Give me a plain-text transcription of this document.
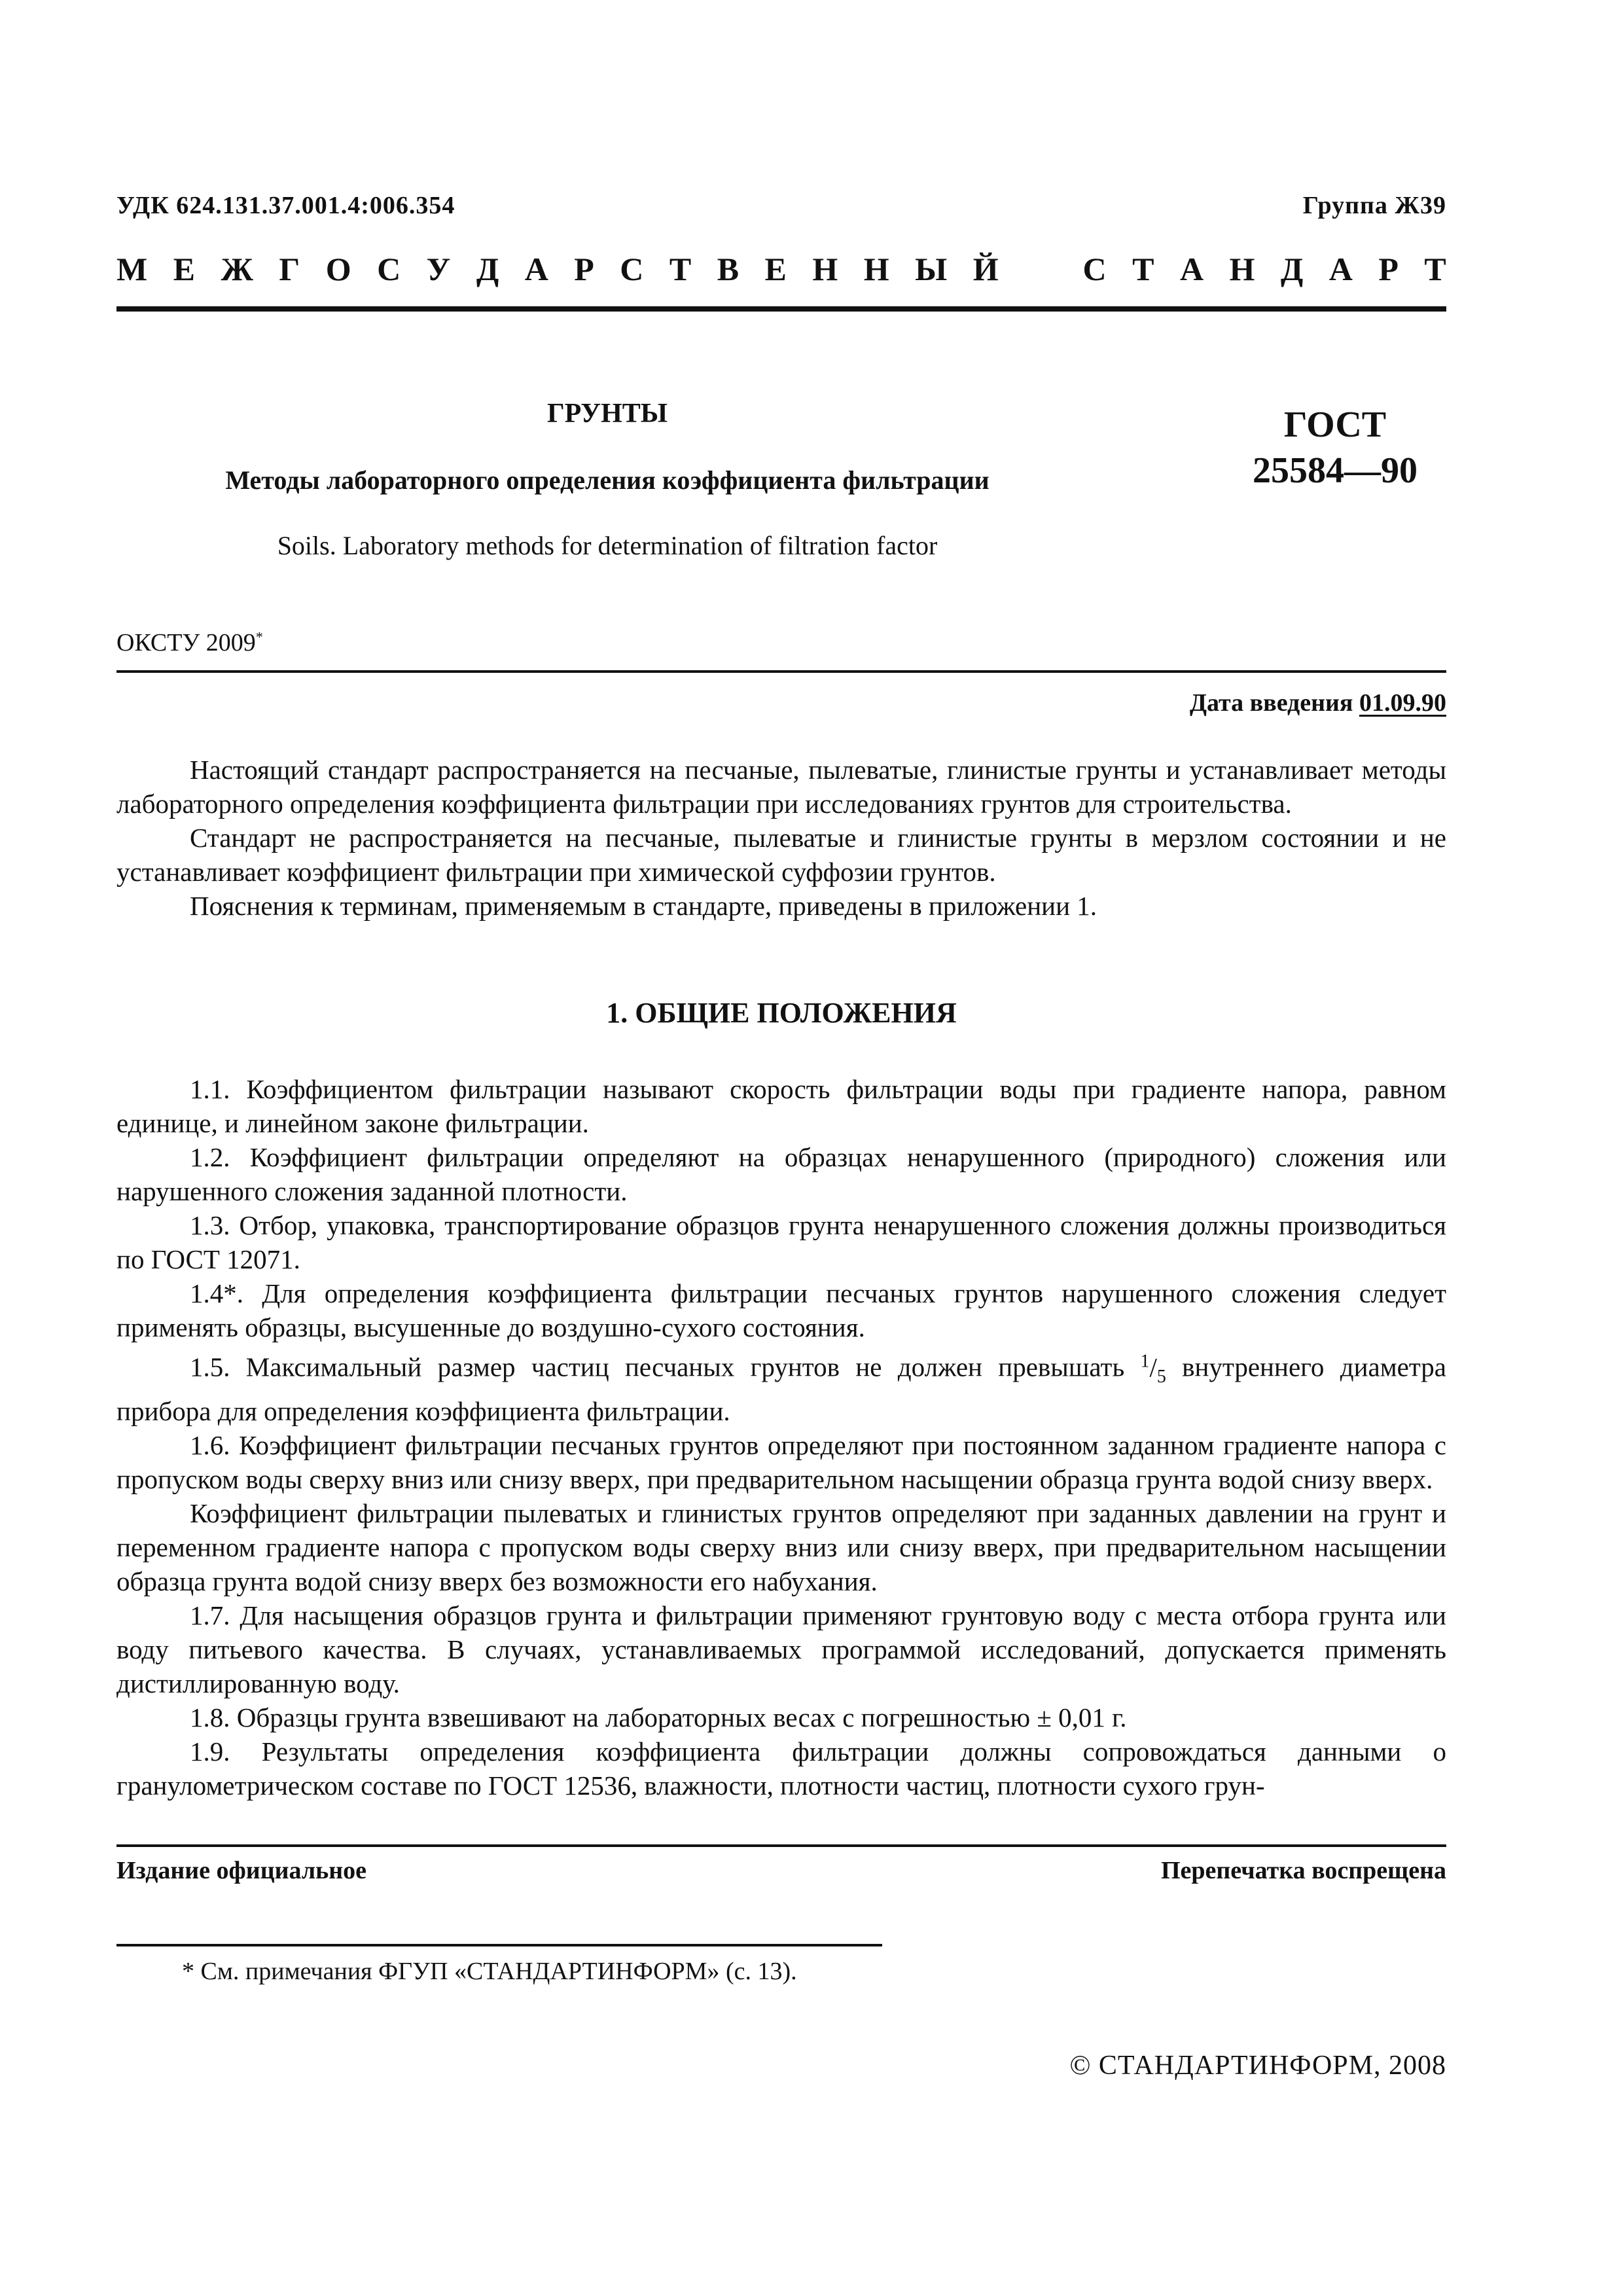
УДК 624.131.37.001.4:006.354	Группа Ж39
М Е Ж Г О С У Д А Р С Т В Е Н Н Ы Й	С Т А Н Д А Р Т
ГРУНТЫ
Методы лабораторного определения коэффициента фильтрации
Soils. Laboratory methods for determination of filtration factor
ГОСТ
25584—90
ОКСТУ 2009*
Дата введения 01.09.90

Настоящий стандарт распространяется на песчаные, пылеватые, глинистые грунты и устанавливает методы лабораторного определения коэффициента фильтрации при исследованиях грунтов для строительства.

Стандарт не распространяется на песчаные, пылеватые и глинистые грунты в мерзлом состоянии и не устанавливает коэффициент фильтрации при химической суффозии грунтов.

Пояснения к терминам, применяемым в стандарте, приведены в приложении 1.

1. ОБЩИЕ ПОЛОЖЕНИЯ

1.1. Коэффициентом фильтрации называют скорость фильтрации воды при градиенте напора, равном единице, и линейном законе фильтрации.

1.2. Коэффициент фильтрации определяют на образцах ненарушенного (природного) сложения или нарушенного сложения заданной плотности.

1.3. Отбор, упаковка, транспортирование образцов грунта ненарушенного сложения должны производиться по ГОСТ 12071.

1.4*. Для определения коэффициента фильтрации песчаных грунтов нарушенного сложения следует применять образцы, высушенные до воздушно-сухого состояния.

1.5. Максимальный размер частиц песчаных грунтов не должен превышать $^1/_5$ внутреннего диаметра прибора для определения коэффициента фильтрации.

1.6. Коэффициент фильтрации песчаных грунтов определяют при постоянном заданном градиенте напора с пропуском воды сверху вниз или снизу вверх, при предварительном насыщении образца грунта водой снизу вверх.

Коэффициент фильтрации пылеватых и глинистых грунтов определяют при заданных давлении на грунт и переменном градиенте напора с пропуском воды сверху вниз или снизу вверх, при предварительном насыщении образца грунта водой снизу вверх без возможности его набухания.

1.7. Для насыщения образцов грунта и фильтрации применяют грунтовую воду с места отбора грунта или воду питьевого качества. В случаях, устанавливаемых программой исследований, допускается применять дистиллированную воду.

1.8. Образцы грунта взвешивают на лабораторных весах с погрешностью ± 0,01 г.

1.9. Результаты определения коэффициента фильтрации должны сопровождаться данными о гранулометрическом составе по ГОСТ 12536, влажности, плотности частиц, плотности сухого грун-

Издание официальное	Перепечатка воспрещена
* См. примечания ФГУП «СТАНДАРТИНФОРМ» (с. 13).
© СТАНДАРТИНФОРМ, 2008
